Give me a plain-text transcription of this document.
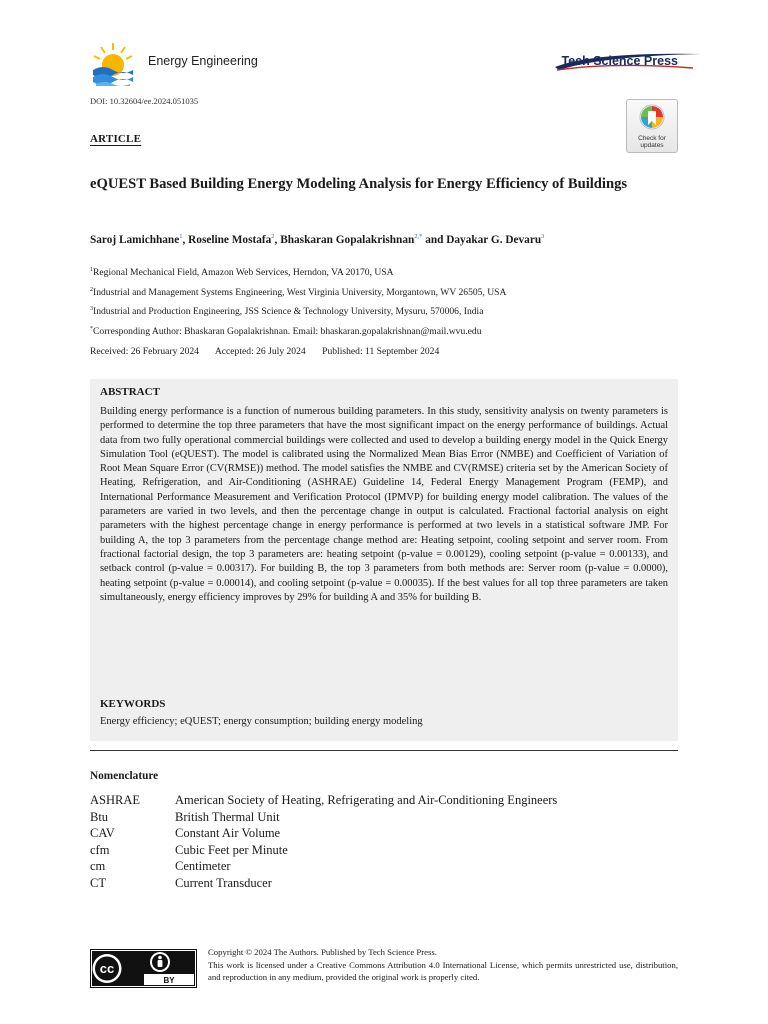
Energy Engineering	Tech Science Press
DOI: 10.32604/ee.2024.051035
ARTICLE	Check for
updates
eQUEST Based Building Energy Modeling Analysis for Energy Efficiency of Buildings
Saroj Lamichhane$^1$, Roseline Mostafa$^2$, Bhaskaran Gopalakrishnan$^{2,*}$ and Dayakar G. Devaru$^3$
$^1$Regional Mechanical Field, Amazon Web Services, Herndon, VA 20170, USA
$^2$Industrial and Management Systems Engineering, West Virginia University, Morgantown, WV 26505, USA
$^3$Industrial and Production Engineering, JSS Science & Technology University, Mysuru, 570006, India
*Corresponding Author: Bhaskaran Gopalakrishnan. Email: bhaskaran.gopalakrishnan@mail.wvu.edu
Received: 26 February 2024 Accepted: 26 July 2024 Published: 11 September 2024
ABSTRACT

Building energy performance is a function of numerous building parameters. In this study, sensitivity analysis on twenty parameters is performed to determine the top three parameters that have the most significant impact on the energy performance of buildings. Actual data from two fully operational commercial buildings were collected and used to develop a building energy model in the Quick Energy Simulation Tool (eQUEST). The model is calibrated using the Normalized Mean Bias Error (NMBE) and Coefficient of Variation of Root Mean Square Error (CV(RMSE)) method. The model satisfies the NMBE and CV(RMSE) criteria set by the American Society of Heating, Refrigeration, and Air-Conditioning (ASHRAE) Guideline 14, Federal Energy Management Program (FEMP), and International Performance Measurement and Verification Protocol (IPMVP) for building energy model calibration. The values of the parameters are varied in two levels, and then the percentage change in output is calculated. Fractional factorial analysis on eight parameters with the highest percentage change in energy performance is performed at two levels in a statistical software JMP. For building A, the top 3 parameters from the percentage change method are: Heating setpoint, cooling setpoint and server room. From fractional factorial design, the top 3 parameters are: heating setpoint (p-value = 0.00129), cooling setpoint (p-value = 0.00133), and setback control (p-value = 0.00317). For building B, the top 3 parameters from both methods are: Server room (p-value = 0.0000), heating setpoint (p-value = 0.00014), and cooling setpoint (p-value = 0.00035). If the best values for all top three parameters are taken simultaneously, energy efficiency improves by 29% for building A and 35% for building B.

KEYWORDS
Energy efficiency; eQUEST; energy consumption; building energy modeling
Nomenclature
ASHRAE	American Society of Heating, Refrigerating and Air-Conditioning Engineers
Btu	British Thermal Unit
CAV	Constant Air Volume
cfm	Cubic Feet per Minute
cm	Centimeter
CT	Current Transducer
cc
BY
Copyright © 2024 The Authors. Published by Tech Science Press.
This work is licensed under a Creative Commons Attribution 4.0 International License, which permits unrestricted use, distribution, and reproduction in any medium, provided the original work is properly cited.
